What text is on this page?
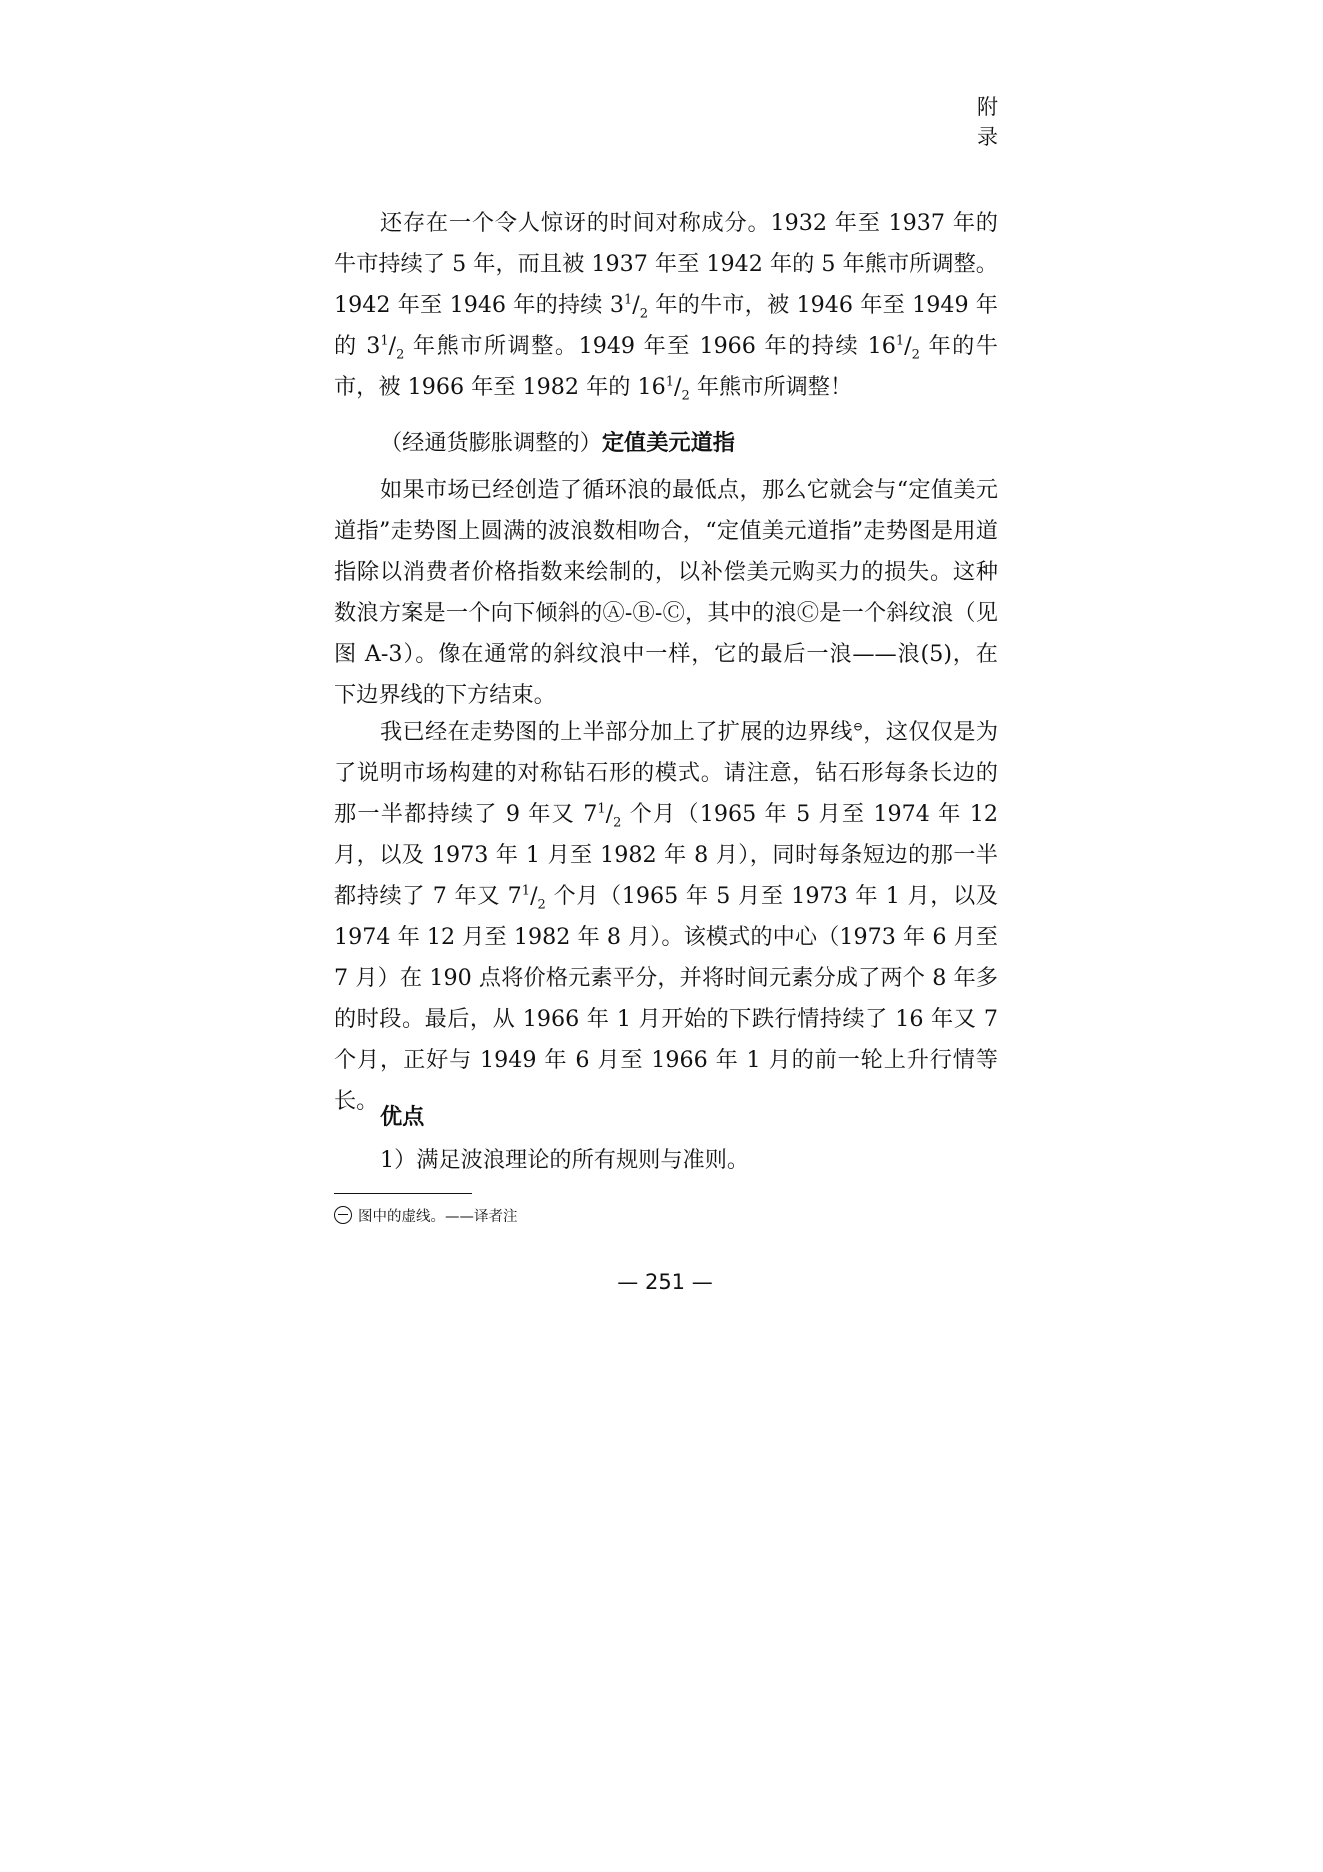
附录

还存在一个令人惊讶的时间对称成分。1932 年至 1937 年的牛市持续了 5 年，而且被 1937 年至 1942 年的 5 年熊市所调整。1942 年至 1946 年的持续 $3^1/_2$ 年的牛市，被 1946 年至 1949 年的 $3^1/_2$ 年熊市所调整。1949 年至 1966 年的持续 $16^1/_2$ 年的牛市，被 1966 年至 1982 年的 $16^1/_2$ 年熊市所调整！

（经通货膨胀调整的）定值美元道指

如果市场已经创造了循环浪的最低点，那么它就会与“定值美元道指”走势图上圆满的波浪数相吻合，“定值美元道指”走势图是用道指除以消费者价格指数来绘制的，以补偿美元购买力的损失。这种数浪方案是一个向下倾斜的Ⓐ-Ⓑ-Ⓒ，其中的浪Ⓒ是一个斜纹浪（见图 A-3）。像在通常的斜纹浪中一样，它的最后一浪——浪(5)，在下边界线的下方结束。

我已经在走势图的上半部分加上了扩展的边界线⊖，这仅仅是为了说明市场构建的对称钻石形的模式。请注意，钻石形每条长边的那一半都持续了 9 年又 $7^1/_2$ 个月（1965 年 5 月至 1974 年 12 月，以及 1973 年 1 月至 1982 年 8 月），同时每条短边的那一半都持续了 7 年又 $7^1/_2$ 个月（1965 年 5 月至 1973 年 1 月，以及 1974 年 12 月至 1982 年 8 月）。该模式的中心（1973 年 6 月至 7 月）在 190 点将价格元素平分，并将时间元素分成了两个 8 年多的时段。最后，从 1966 年 1 月开始的下跌行情持续了 16 年又 7 个月，正好与 1949 年 6 月至 1966 年 1 月的前一轮上升行情等长。

优点
1）满足波浪理论的所有规则与准则。
图中的虚线。——译者注
— 251 —
